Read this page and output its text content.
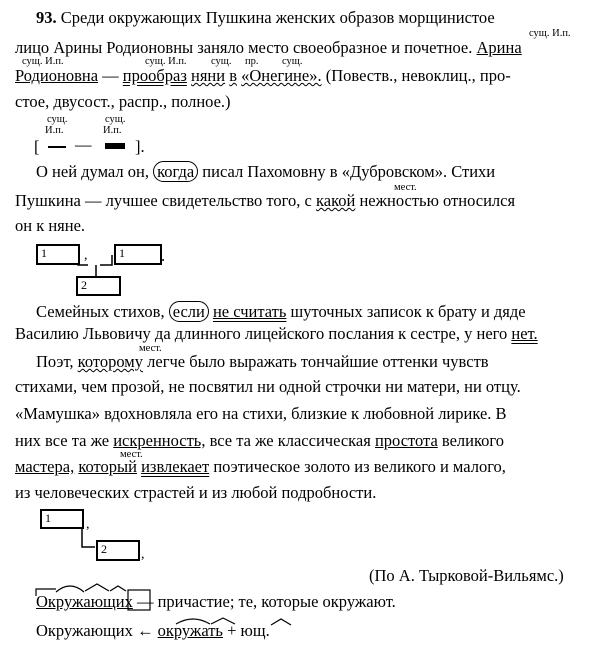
93. Среди окружающих Пушкина женских образов морщинистое
сущ. И.п.
лицо Арины Родионовны заняло место своеобразное и почетное. Арина
сущ. И.п.	сущ. И.п. сущ. пр. сущ.
Родионовна — прообраз няни в «Онегине». (Повеств., невоклиц., про-
стое, двусост., распр., полное.)
сущ.
И.п.
сущ.
И.п.
[ —	].
О ней думал он, когда писал Пахомовну в «Дубровском». Стихи
мест.
Пушкина — лучшее свидетельство того, с какой нежностью относился
он к няне.
1	,	1 .
2
Семейных стихов, если не считать шуточных записок к брату и дяде
Василию Львовичу да длинного лицейского послания к сестре, у него нет.
мест.
Поэт, которому легче было выражать тончайшие оттенки чувств
стихами, чем прозой, не посвятил ни одной строчки ни матери, ни отцу.
«Мамушка» вдохновляла его на стихи, близкие к любовной лирике. В
них все та же искренность, все та же классическая простота великого
мест.
мастера, который извлекает поэтическое золото из великого и малого,
из человеческих страстей и из любой подробности.
1	,
2 ,
(По А. Тырковой-Вильямс.)
Окружающих — причастие; те, которые окружают.
Окружающих ← окружать + ющ.
